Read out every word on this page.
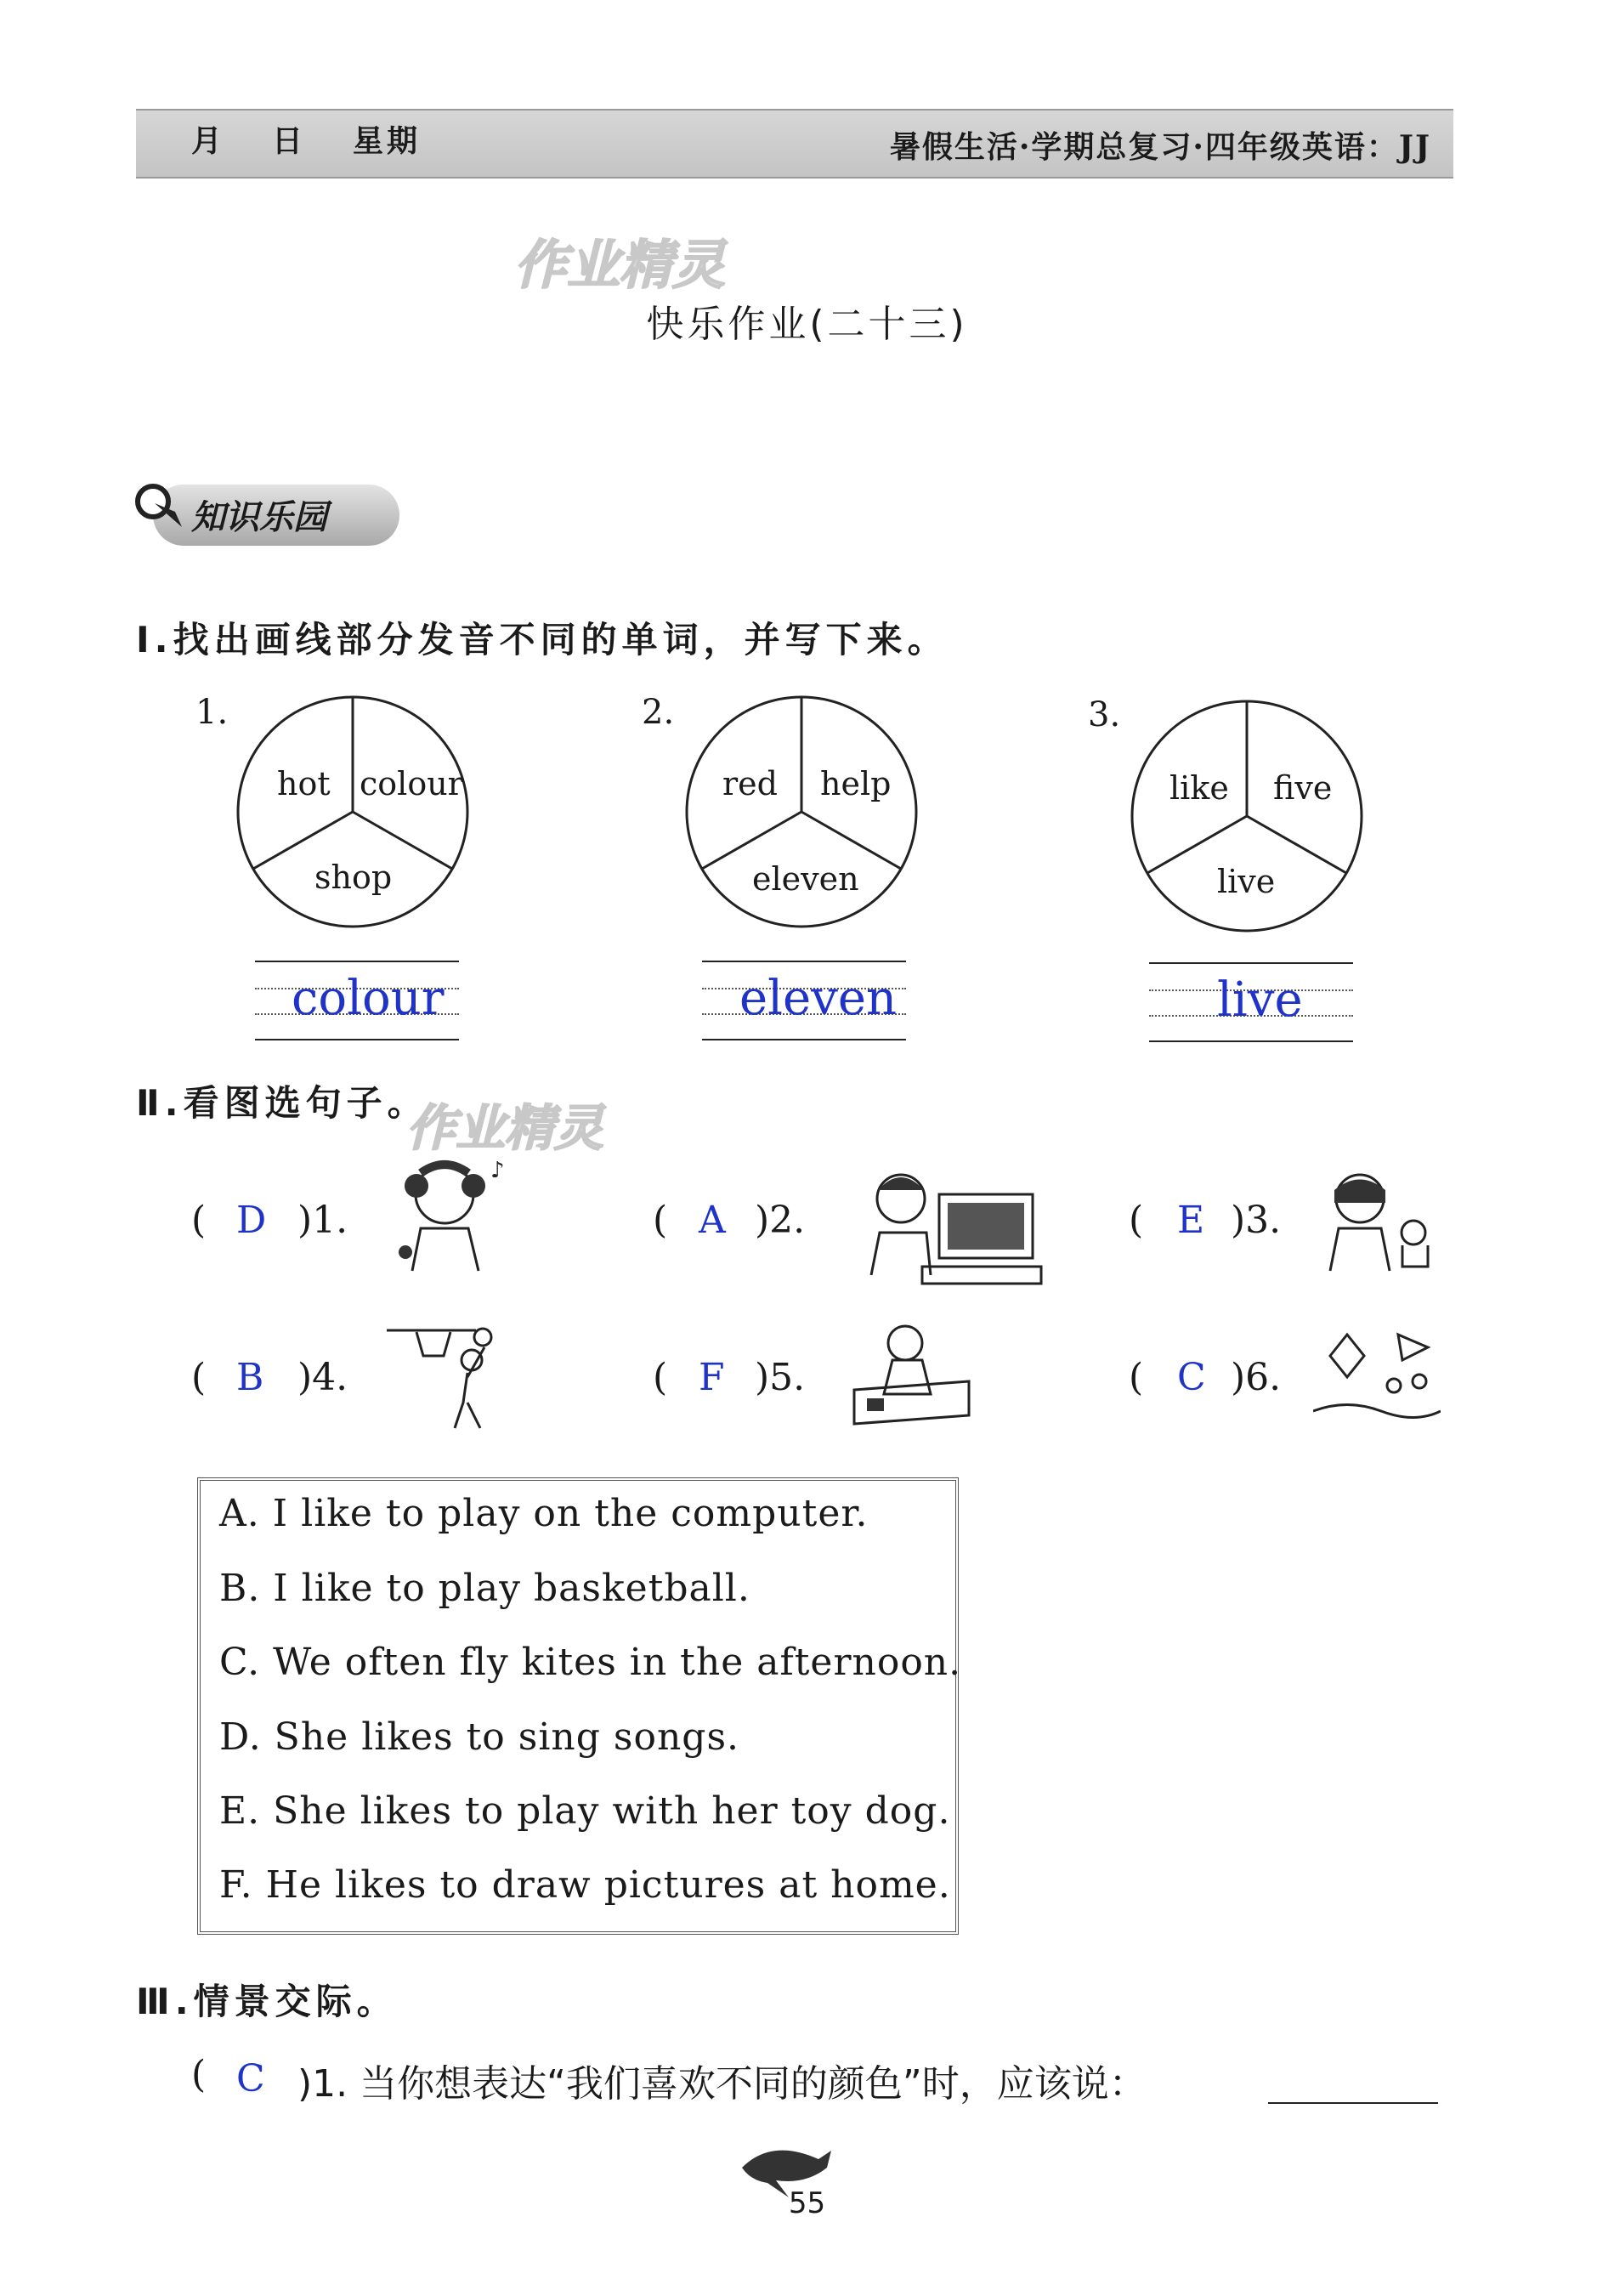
月 日 星期	暑假生活·学期总复习·四年级英语：JJ
作业精灵
作业精灵
快乐作业(二十三)
知识乐园
Ⅰ.找出画线部分发音不同的单词，并写下来。
1.
hot colour
shop
colour
2.
red help
eleven
eleven
3.
like five
live
live
Ⅱ.看图选句子。
( D )1.
♪
( A )2.	( E )3.
( B )4.	( F )5.	( C )6.
A. I like to play on the computer.
B. I like to play basketball.
C. We often fly kites in the afternoon.
D. She likes to sing songs.
E. She likes to play with her toy dog.
F. He likes to draw pictures at home.
Ⅲ.情景交际。
( C )1. 当你想表达“我们喜欢不同的颜色”时，应该说：
55
